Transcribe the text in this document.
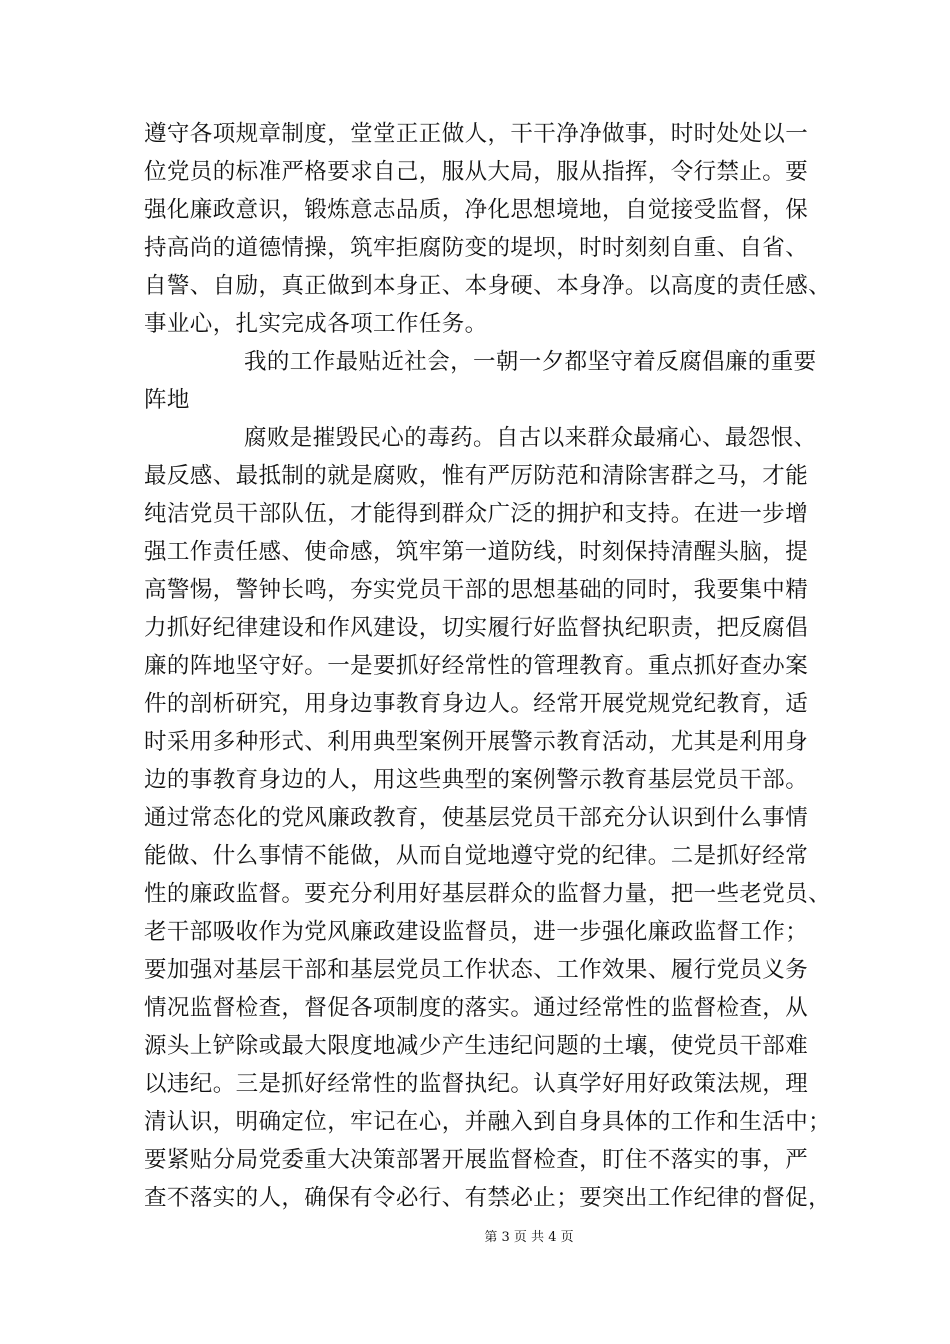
遵守各项规章制度，堂堂正正做人，干干净净做事，时时处处以一
位党员的标准严格要求自己，服从大局，服从指挥，令行禁止。要
强化廉政意识，锻炼意志品质，净化思想境地，自觉接受监督，保
持高尚的道德情操，筑牢拒腐防变的堤坝，时时刻刻自重、自省、
自警、自励，真正做到本身正、本身硬、本身净。以高度的责任感、
事业心，扎实完成各项工作任务。
我的工作最贴近社会，一朝一夕都坚守着反腐倡廉的重要
阵地
腐败是摧毁民心的毒药。自古以来群众最痛心、最怨恨、
最反感、最抵制的就是腐败，惟有严厉防范和清除害群之马，才能
纯洁党员干部队伍，才能得到群众广泛的拥护和支持。在进一步增
强工作责任感、使命感，筑牢第一道防线，时刻保持清醒头脑，提
高警惕，警钟长鸣，夯实党员干部的思想基础的同时，我要集中精
力抓好纪律建设和作风建设，切实履行好监督执纪职责，把反腐倡
廉的阵地坚守好。一是要抓好经常性的管理教育。重点抓好查办案
件的剖析研究，用身边事教育身边人。经常开展党规党纪教育，适
时采用多种形式、利用典型案例开展警示教育活动，尤其是利用身
边的事教育身边的人，用这些典型的案例警示教育基层党员干部。
通过常态化的党风廉政教育，使基层党员干部充分认识到什么事情
能做、什么事情不能做，从而自觉地遵守党的纪律。二是抓好经常
性的廉政监督。要充分利用好基层群众的监督力量，把一些老党员、
老干部吸收作为党风廉政建设监督员，进一步强化廉政监督工作；
要加强对基层干部和基层党员工作状态、工作效果、履行党员义务
情况监督检查，督促各项制度的落实。通过经常性的监督检查，从
源头上铲除或最大限度地减少产生违纪问题的土壤，使党员干部难
以违纪。三是抓好经常性的监督执纪。认真学好用好政策法规，理
清认识，明确定位，牢记在心，并融入到自身具体的工作和生活中；
要紧贴分局党委重大决策部署开展监督检查，盯住不落实的事，严
查不落实的人，确保有令必行、有禁必止；要突出工作纪律的督促，
第 3 页 共 4 页
